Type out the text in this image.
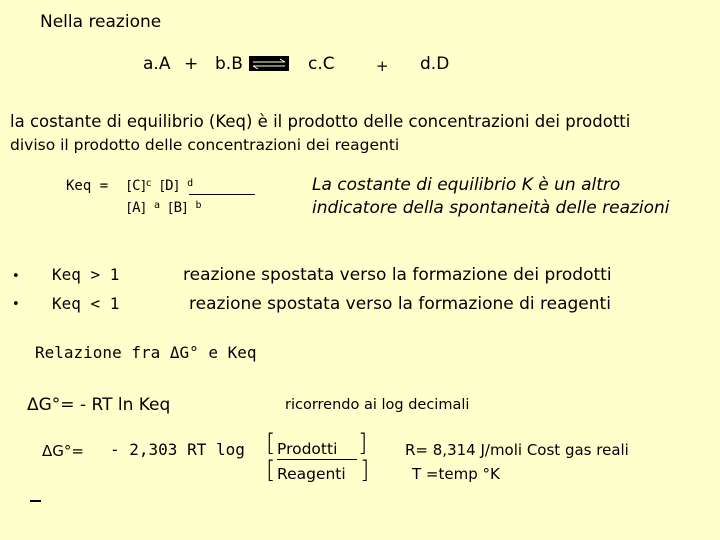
Nella reazione
a.A + b.B	c.C	+ d.D
la costante di equilibrio (Keq) è il prodotto delle concentrazioni dei prodotti
diviso il prodotto delle concentrazioni dei reagenti
Keq = $[C]^c$ [D] $^d$
[A] $^a$ [B] $^b$
La costante di equilibrio K è un altro indicatore della spontaneità delle reazioni
• Keq > 1	reazione spostata verso la formazione dei prodotti
• Keq < 1	reazione spostata verso la formazione di reagenti
Relazione fra ΔG° e Keq
ΔG°= - RT ln Keq	ricorrendo ai log decimali
ΔG°= - 2,303 RT log [
[
Prodotti
Reagenti
]
]
R= 8,314 J/moli Cost gas reali
T =temp °K
